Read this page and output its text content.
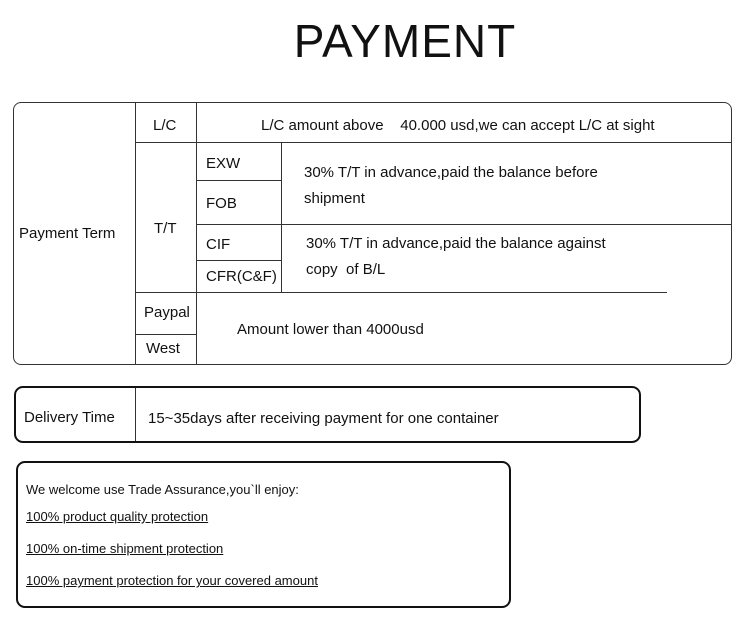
PAYMENT
Payment Term
L/C	L/C amount above    40.000 usd,we can accept L/C at sight
T/T
EXW
FOB
30% T/T in advance,paid the balance before
shipment
CIF
CFR(C&F)
30% T/T in advance,paid the balance against
copy  of B/L
Paypal
West
Amount lower than 4000usd
Delivery Time 15~35days after receiving payment for one container
We welcome use Trade Assurance,you`ll enjoy:
100% product quality protection
100% on-time shipment protection
100% payment protection for your covered amount
